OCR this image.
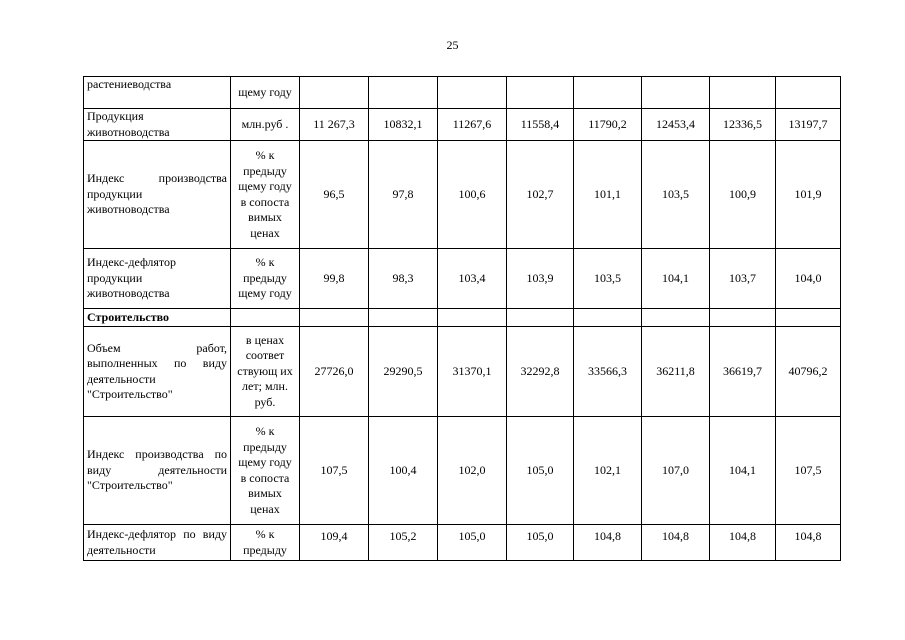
25
растениеводства	щему году								
Продукция животноводства	млн.руб .	11 267,3	10832,1	11267,6	11558,4	11790,2	12453,4	12336,5	13197,7
Индекс производства продукции животноводства	% к предыду щему году в сопоста вимых ценах	96,5	97,8	100,6	102,7	101,1	103,5	100,9	101,9
Индекс-дефлятор продукции животноводства	% к предыду щему году	99,8	98,3	103,4	103,9	103,5	104,1	103,7	104,0
Строительство									
Объем работ, выполненных по виду деятельности "Строительство"	в ценах соответ ствующ их лет; млн. руб.	27726,0	29290,5	31370,1	32292,8	33566,3	36211,8	36619,7	40796,2
Индекс производства по виду деятельности "Строительство"	% к предыду щему году в сопоста вимых ценах	107,5	100,4	102,0	105,0	102,1	107,0	104,1	107,5
Индекс-дефлятор по виду деятельности	% к предыду	109,4	105,2	105,0	105,0	104,8	104,8	104,8	104,8
